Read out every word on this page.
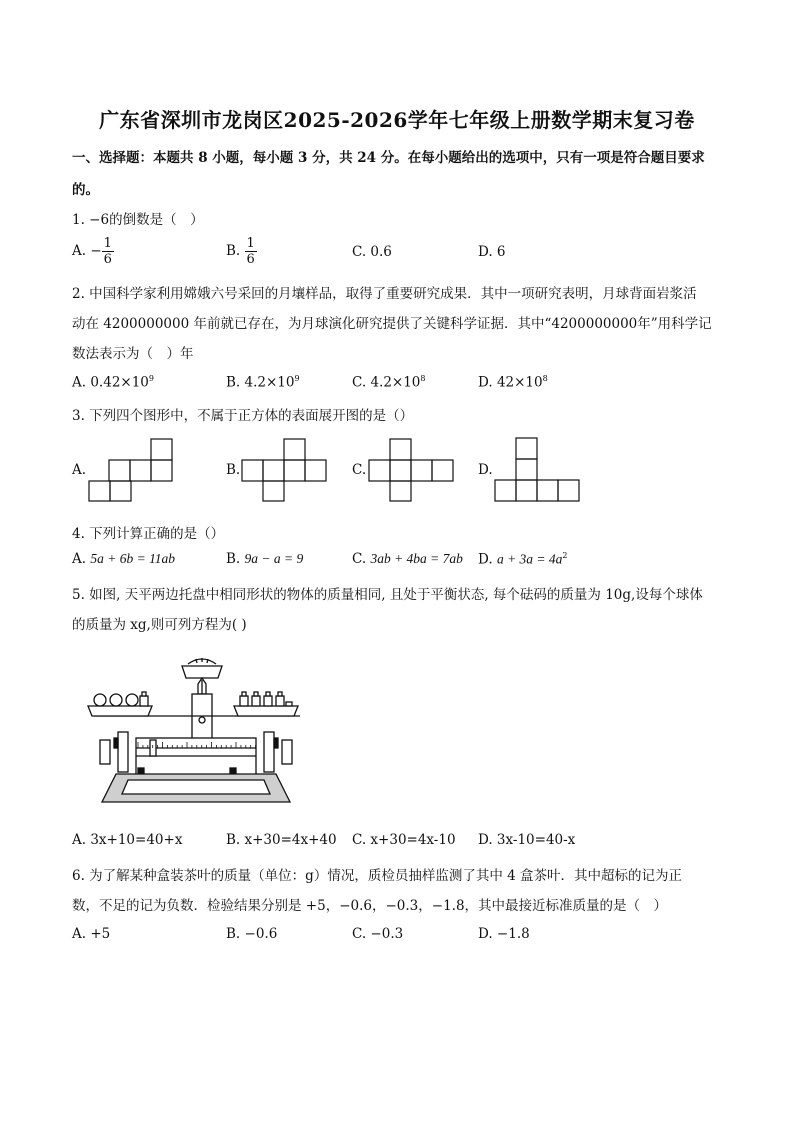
广东省深圳市龙岗区2025-2026学年七年级上册数学期末复习卷
一、选择题：本题共 8 小题，每小题 3 分，共 24 分。在每小题给出的选项中，只有一项是符合题目要求
的。
1. −6的倒数是（　）
A. − $\frac{1}{6}$	B. $\frac{1}{6}$	C. 0.6	D. 6
2. 中国科学家利用嫦娥六号采回的月壤样品，取得了重要研究成果．其中一项研究表明，月球背面岩浆活
动在 4200000000 年前就已存在，为月球演化研究提供了关键科学证据．其中“4200000000年”用科学记
数法表示为（　）年
A. $0.42\times 10^9$	B. $4.2\times 10^9$	C. $4.2\times 10^8$	D. $42\times 10^8$
3. 下列四个图形中，不属于正方体的表面展开图的是（）
A.	B.	C.	D.
4. 下列计算正确的是（）
A. 5a + 6b = 11ab	B. 9a − a = 9	C. 3ab + 4ba = 7ab D. $a + 3a = 4a^2$
5. 如图, 天平两边托盘中相同形状的物体的质量相同, 且处于平衡状态, 每个砝码的质量为 10g,设每个球体
的质量为 xg,则可列方程为( )
A. 3x+10=40+x	B. x+30=4x+40 C. x+30=4x-10 D. 3x-10=40-x
6. 为了解某种盒装茶叶的质量（单位：g）情况，质检员抽样监测了其中 4 盒茶叶．其中超标的记为正
数，不足的记为负数．检验结果分别是 +5，−0.6，−0.3，−1.8，其中最接近标准质量的是（　）
A. +5	B. −0.6	C. −0.3	D. −1.8
